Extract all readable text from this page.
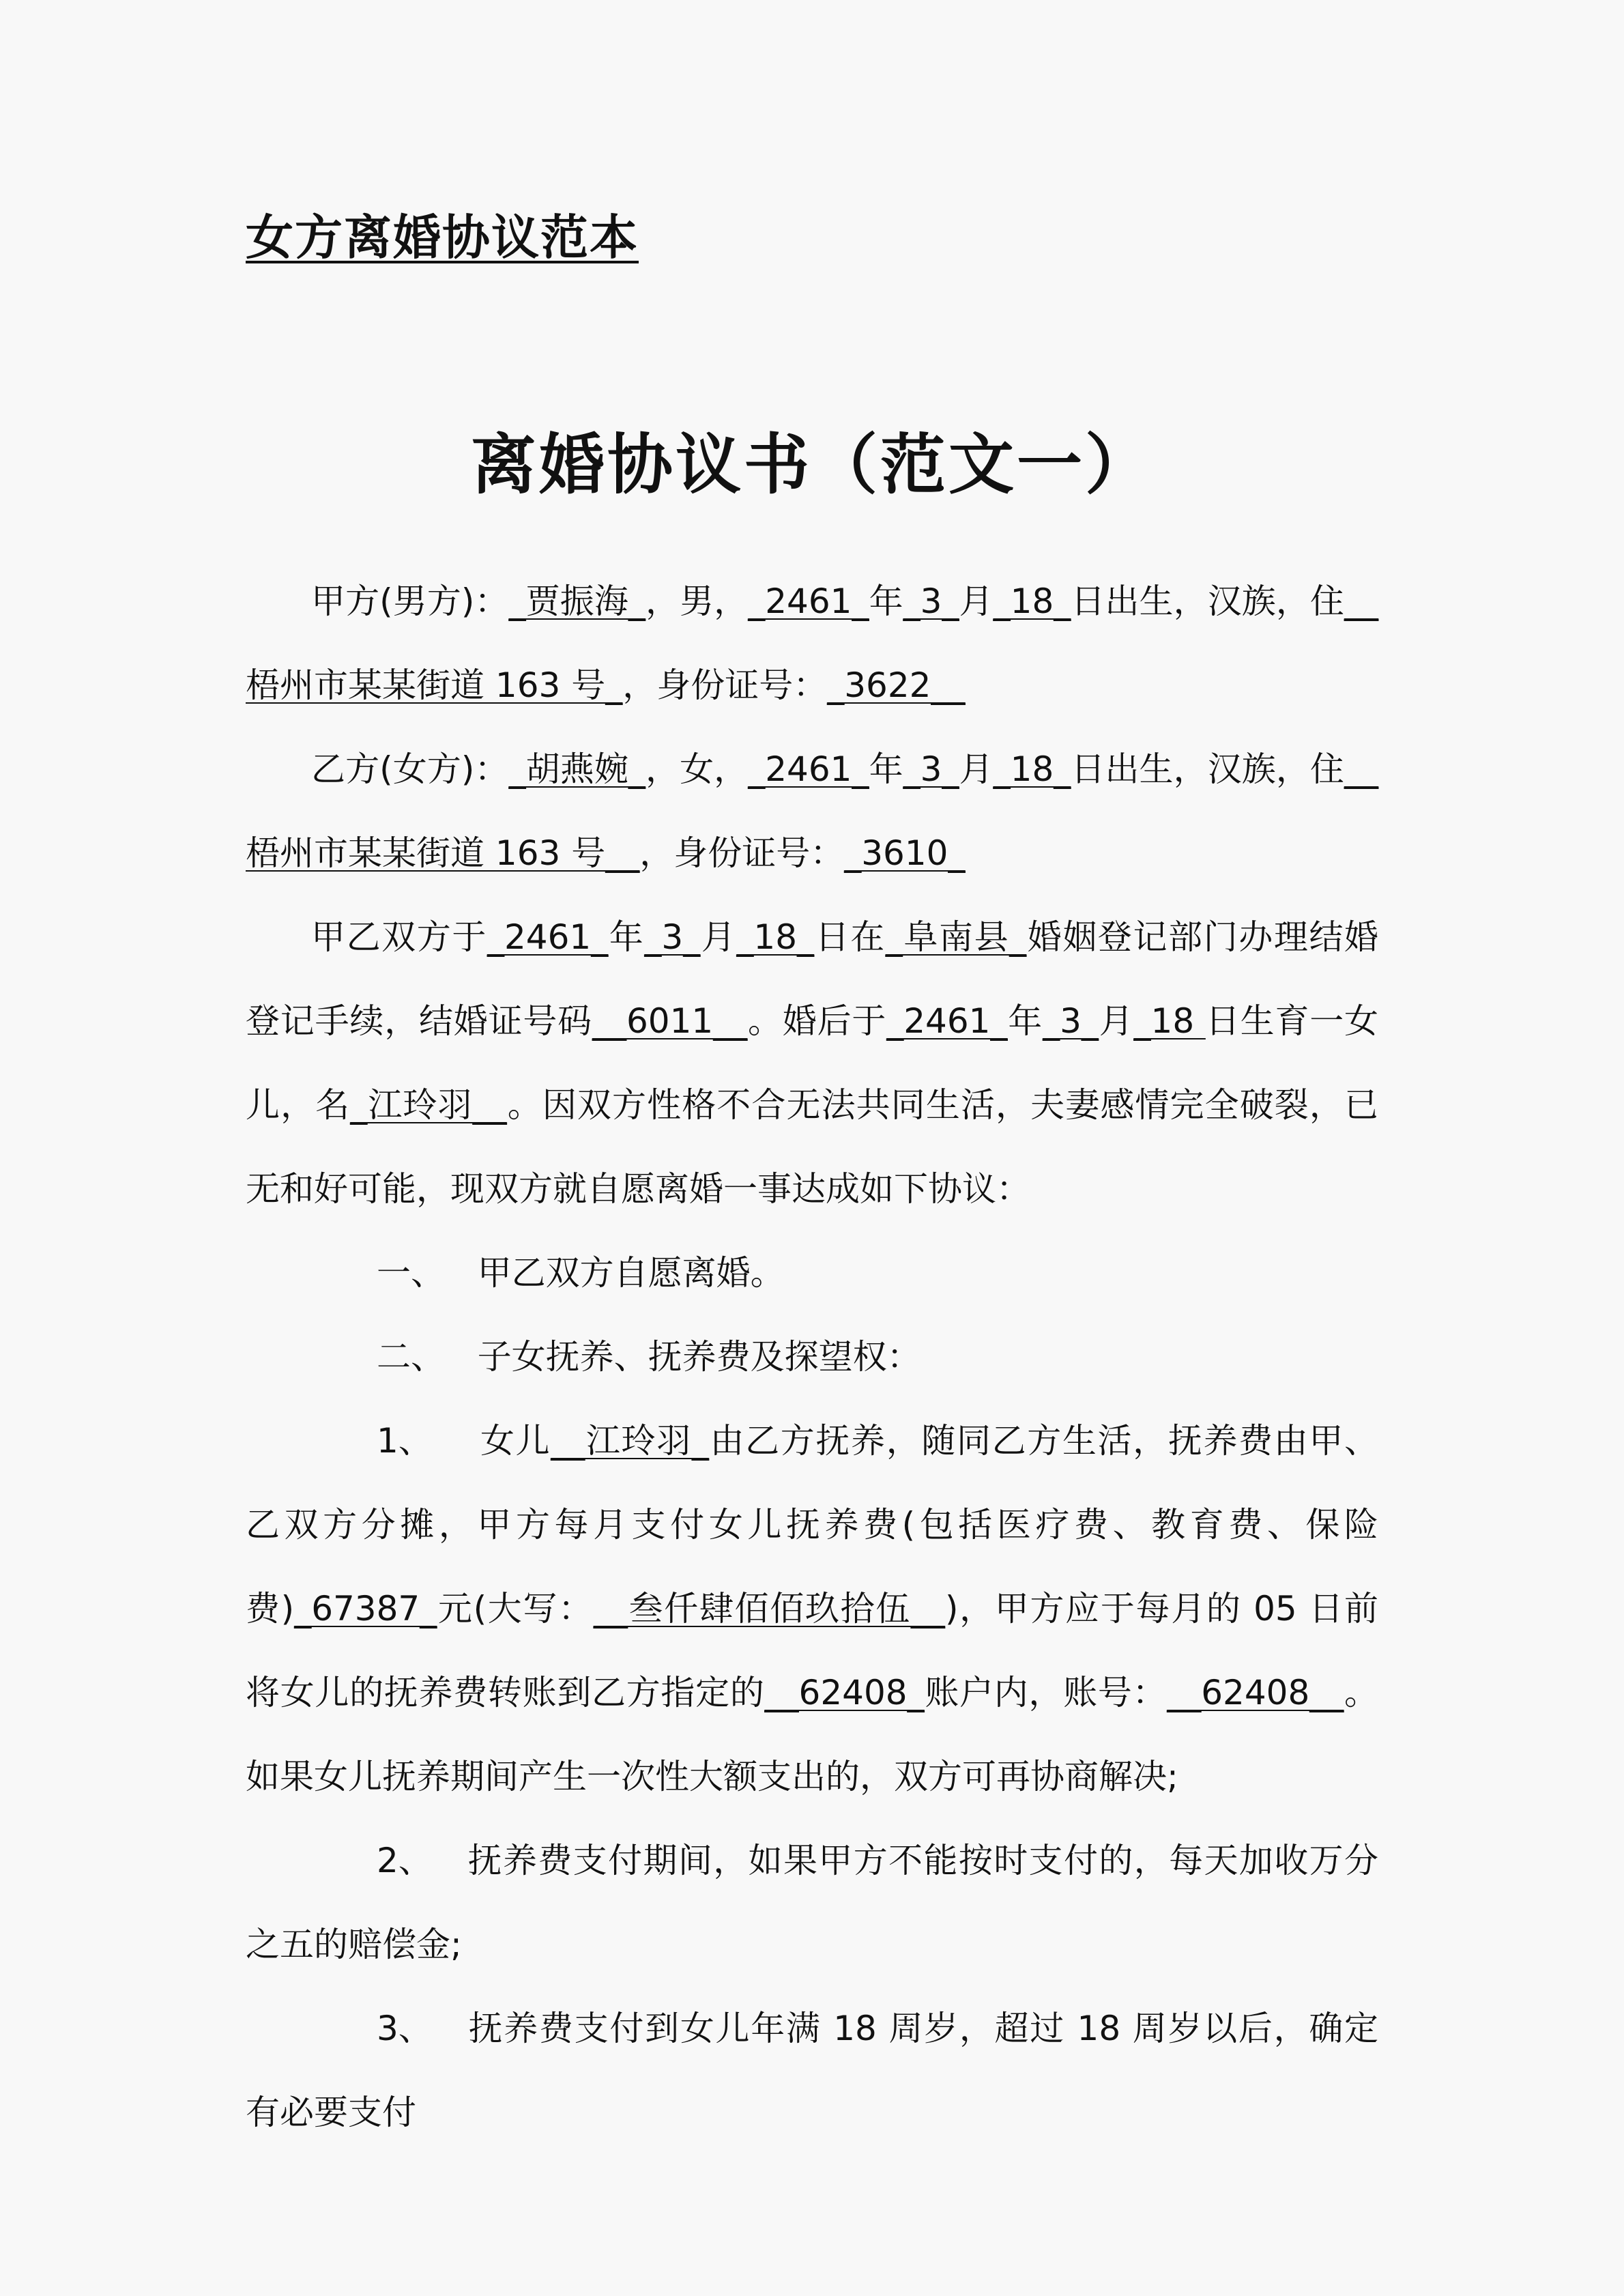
女方离婚协议范本
离婚协议书（范文一）

甲方(男方)：_贾振海_，男，_2461_年_3_月_18_日出生，汉族，住__梧州市某某街道 163 号_，身份证号：_3622__

乙方(女方)：_胡燕婉_，女，_2461_年_3_月_18_日出生，汉族，住__梧州市某某街道 163 号__，身份证号：_3610_

甲乙双方于_2461_年_3_月_18_日在_阜南县_婚姻登记部门办理结婚登记手续，结婚证号码__6011__。婚后于_2461_年_3_月_18 日生育一女儿，名_江玲羽__。因双方性格不合无法共同生活，夫妻感情完全破裂，已无和好可能，现双方就自愿离婚一事达成如下协议：

一、 甲乙双方自愿离婚。

二、 子女抚养、抚养费及探望权：

1、 女儿__江玲羽_由乙方抚养，随同乙方生活，抚养费由甲、乙双方分摊，甲方每月支付女儿抚养费(包括医疗费、教育费、保险费)_67387_元(大写：__叁仟肆佰佰玖拾伍__)，甲方应于每月的 05 日前将女儿的抚养费转账到乙方指定的__62408_账户内，账号：__62408__。如果女儿抚养期间产生一次性大额支出的，双方可再协商解决;

2、 抚养费支付期间，如果甲方不能按时支付的，每天加收万分之五的赔偿金;

3、 抚养费支付到女儿年满 18 周岁，超过 18 周岁以后，确定有必要支付
